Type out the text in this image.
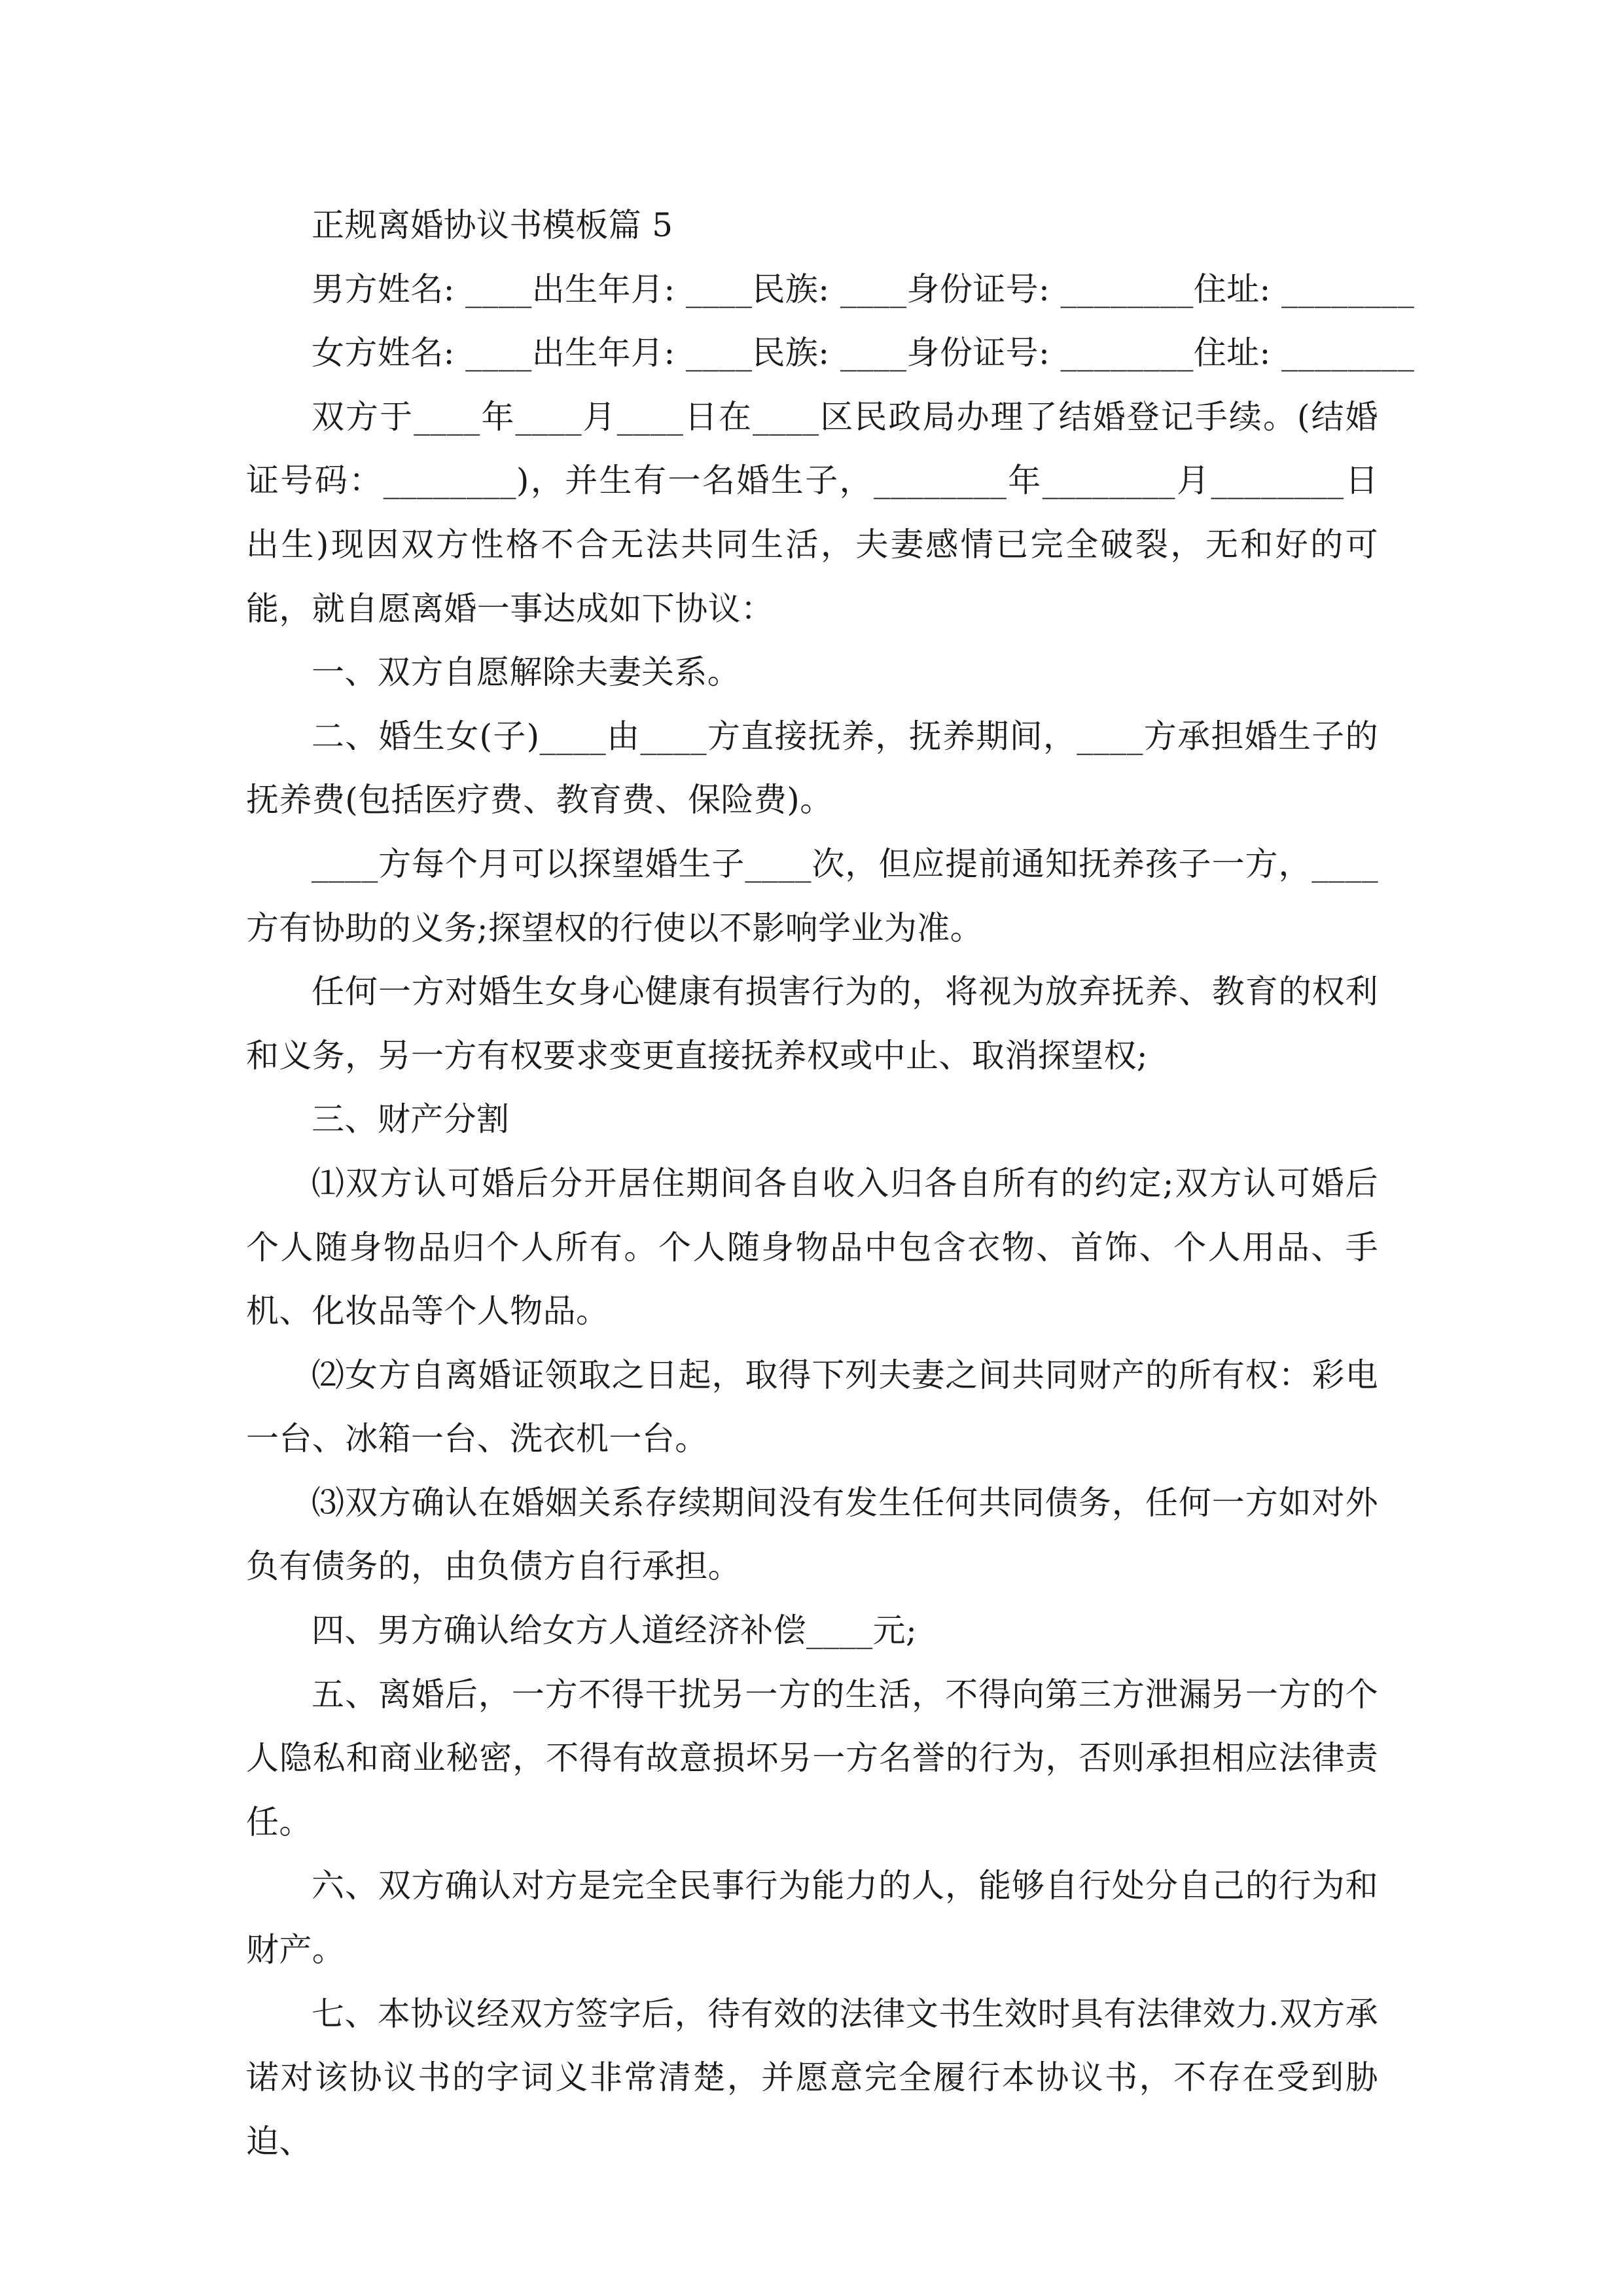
正规离婚协议书模板篇 5

男方姓名: ____出生年月: ____民族: ____身份证号: ________住址: ________

女方姓名: ____出生年月: ____民族: ____身份证号: ________住址: ________

双方于____年____月____日在____区民政局办理了结婚登记手续。(结婚证号码：________)，并生有一名婚生子，________年________月________日出生)现因双方性格不合无法共同生活，夫妻感情已完全破裂，无和好的可能，就自愿离婚一事达成如下协议：

一、双方自愿解除夫妻关系。

二、婚生女(子)____由____方直接抚养，抚养期间，____方承担婚生子的抚养费(包括医疗费、教育费、保险费)。

____方每个月可以探望婚生子____次，但应提前通知抚养孩子一方，____方有协助的义务;探望权的行使以不影响学业为准。

任何一方对婚生女身心健康有损害行为的，将视为放弃抚养、教育的权利和义务，另一方有权要求变更直接抚养权或中止、取消探望权;

三、财产分割

⑴双方认可婚后分开居住期间各自收入归各自所有的约定;双方认可婚后个人随身物品归个人所有。个人随身物品中包含衣物、首饰、个人用品、手机、化妆品等个人物品。

⑵女方自离婚证领取之日起，取得下列夫妻之间共同财产的所有权：彩电一台、冰箱一台、洗衣机一台。

⑶双方确认在婚姻关系存续期间没有发生任何共同债务，任何一方如对外负有债务的，由负债方自行承担。

四、男方确认给女方人道经济补偿____元;

五、离婚后，一方不得干扰另一方的生活，不得向第三方泄漏另一方的个人隐私和商业秘密，不得有故意损坏另一方名誉的行为，否则承担相应法律责任。

六、双方确认对方是完全民事行为能力的人，能够自行处分自己的行为和财产。

七、本协议经双方签字后，待有效的法律文书生效时具有法律效力.双方承诺对该协议书的字词义非常清楚，并愿意完全履行本协议书，不存在受到胁迫、
